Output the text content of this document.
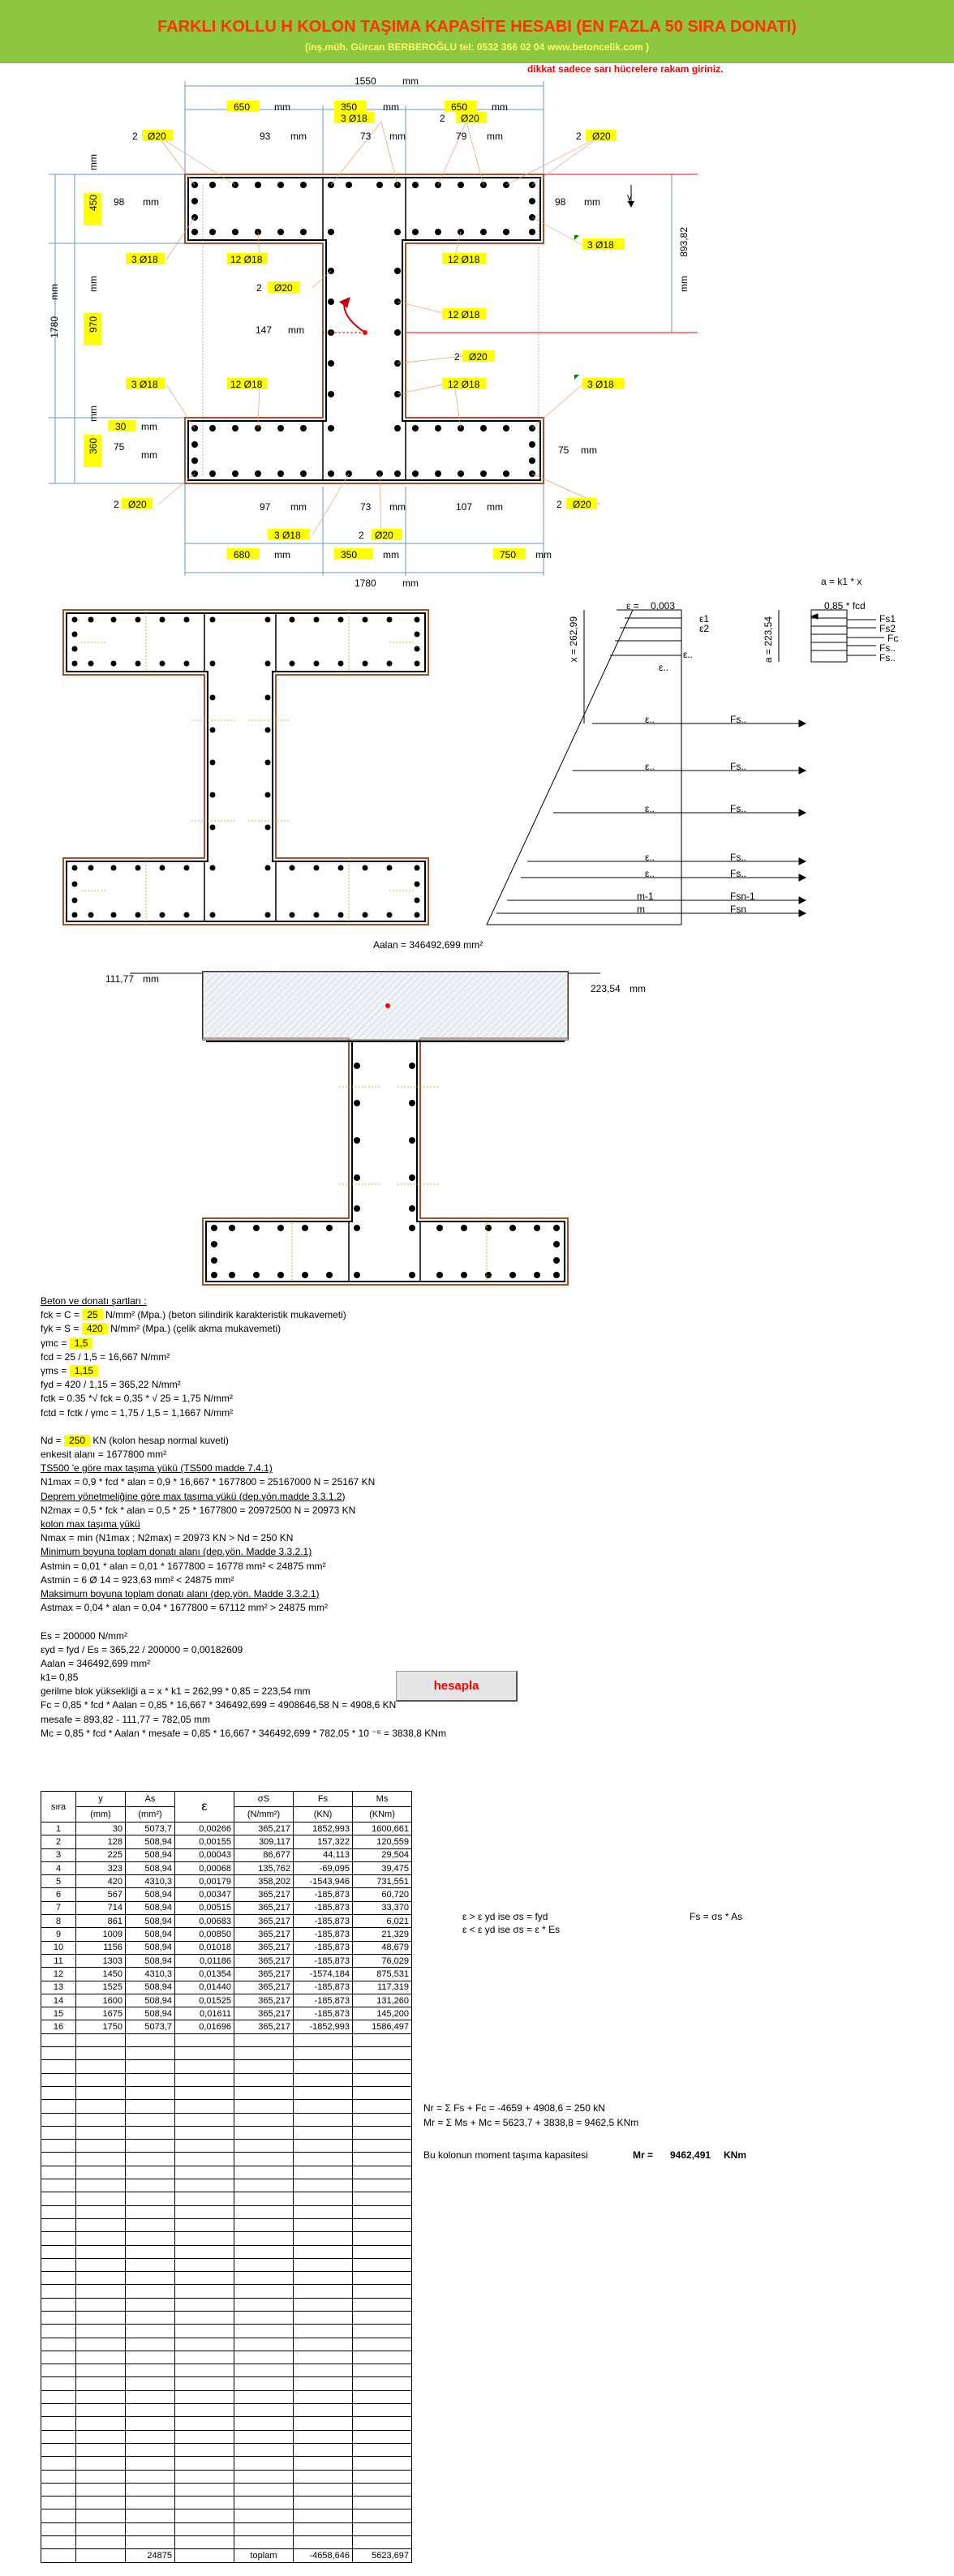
FARKLI KOLLU H KOLON TAŞIMA KAPASİTE HESABI (EN FAZLA 50 SIRA DONATI)
(inş.müh. Gürcan BERBEROĞLU tel: 0532 366 02 04 www.betoncelik.com )
dikkat sadece sarı hücrelere rakam giriniz.
1550	mm
650 mm	350	mm	650 mm
3 Ø18	2 Ø20
2 Ø20	93 mm	73 mm	79 mm	2 Ø20
450
mm
98 mm	98 mm	y
893,82
mm
3 Ø18	12 Ø18	12 Ø18
3 Ø18
2 Ø20
12 Ø18
1780
mm
970
mm
147 mm
2 Ø20
3 Ø18	12 Ø18	12 Ø18	3 Ø18
30 mm
75
mm	75 mm
360
mm
2 Ø20	2 Ø20
97 mm	73 mm	107 mm
3 Ø18	2 Ø20
680 mm	350	mm	750 mm
1780	mm
ε = 0,003
a = k1 * x
0,85 * fcd
x = 262,99	a = 223,54
ε1
ε2
ε..
ε..
ε..
ε..
ε..
ε..
ε..
m-1
m
Fs1
Fs2
Fc
Fs..
Fs..
Fs..
Fs..
Fs..
Fs..
Fs..
Fsn-1
Fsn
Aalan = 346492,699 mm²
111,77 mm
223,54 mm
Beton ve donatı şartları :
fck = C = 25 N/mm² (Mpa.) (beton silindirik karakteristik mukavemeti)
fyk = S = 420 N/mm² (Mpa.) (çelik akma mukavemeti)
γmc = 1,5
fcd = 25 / 1,5 = 16,667 N/mm²
γms = 1,15
fyd = 420 / 1,15 = 365,22 N/mm²
fctk = 0.35 *√ fck = 0,35 * √ 25 = 1,75 N/mm²
fctd = fctk / γmc = 1,75 / 1,5 = 1,1667 N/mm²
Nd = 250 KN (kolon hesap normal kuveti)
enkesit alanı = 1677800 mm²
TS500 'e göre max taşıma yükü (TS500 madde 7.4.1)
N1max = 0,9 * fcd * alan = 0,9 * 16,667 * 1677800 = 25167000 N = 25167 KN
Deprem yönetmeliğine göre max taşıma yükü (dep.yön.madde 3.3.1.2)
N2max = 0,5 * fck * alan = 0,5 * 25 * 1677800 = 20972500 N = 20973 KN
kolon max taşıma yükü
Nmax = min (N1max ; N2max) = 20973 KN > Nd = 250 KN
Minimum boyuna toplam donatı alanı (dep.yön. Madde 3.3.2.1)
Astmin = 0,01 * alan = 0,01 * 1677800 = 16778 mm² < 24875 mm²
Astmin = 6 Ø 14 = 923,63 mm² < 24875 mm²
Maksimum boyuna toplam donatı alanı (dep.yön. Madde 3.3.2.1)
Astmax = 0,04 * alan = 0,04 * 1677800 = 67112 mm² > 24875 mm²
Es = 200000 N/mm²
εyd = fyd / Es = 365,22 / 200000 = 0,00182609
Aalan = 346492,699 mm²
k1= 0,85
gerilme blok yüksekliği a = x * k1 = 262,99 * 0,85 = 223,54 mm
Fc = 0,85 * fcd * Aalan = 0,85 * 16,667 * 346492,699 = 4908646,58 N = 4908,6 KN
mesafe = 893,82 - 111,77 = 782,05 mm
Mc = 0,85 * fcd * Aalan * mesafe = 0,85 * 16,667 * 346492,699 * 782,05 * 10 ⁻⁶ = 3838,8 KNm
hesapla
sıra	y	As	ε	σS	Fs	Ms
	(mm)	(mm²)		(N/mm²)	(KN)	(KNm)
1	30	5073,7	0,00266	365,217	1852,993	1600,661
2	128	508,94	0,00155	309,117	157,322	120,559
3	225	508,94	0,00043	86,677	44,113	29,504
4	323	508,94	0,00068	135,762	-69,095	39,475
5	420	4310,3	0,00179	358,202	-1543,946	731,551
6	567	508,94	0,00347	365,217	-185,873	60,720
7	714	508,94	0,00515	365,217	-185,873	33,370
8	861	508,94	0,00683	365,217	-185,873	6,021
9	1009	508,94	0,00850	365,217	-185,873	21,329
10	1156	508,94	0,01018	365,217	-185,873	48,679
11	1303	508,94	0,01186	365,217	-185,873	76,029
12	1450	4310,3	0,01354	365,217	-1574,184	875,531
13	1525	508,94	0,01440	365,217	-185,873	117,319
14	1600	508,94	0,01525	365,217	-185,873	131,260
15	1675	508,94	0,01611	365,217	-185,873	145,200
16	1750	5073,7	0,01696	365,217	-1852,993	1586,497

		24875		toplam	-4658,646	5623,697
ε > ε yd ise σs = fyd	Fs = σs * As
ε < ε yd ise σs = ε * Es
Nr = Σ Fs + Fc = -4659 + 4908,6 = 250 kN
Mr = Σ Ms + Mc = 5623,7 + 3838,8 = 9462,5 KNm
Bu kolonun moment taşıma kapasitesi	Mr = 9462,491 KNm
